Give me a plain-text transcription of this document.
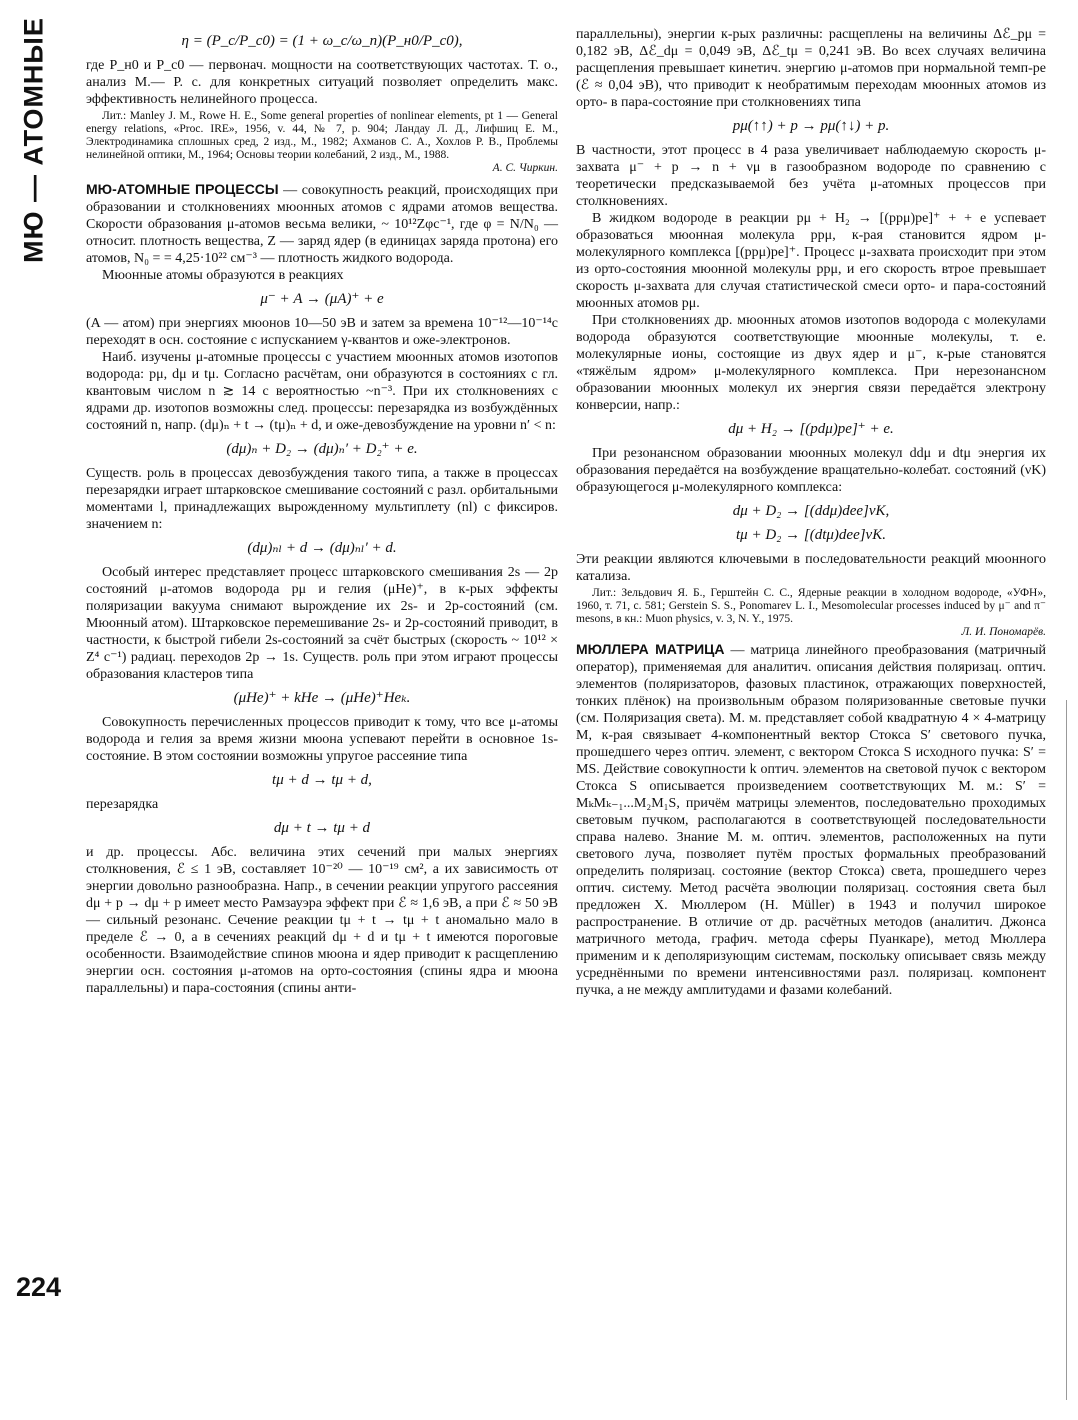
МЮ — АТОМНЫЕ
224
η = (P_c/P_c0) = (1 + ω_c/ω_n)(P_н0/P_c0),

где P_н0 и P_c0 — первонач. мощности на соответствующих частотах. Т. о., анализ М.— Р. с. для конкретных ситуаций позволяет определить макс. эффективность нелинейного процесса.

Лит.: Manley J. M., Rowe H. E., Some general properties of nonlinear elements, pt 1 — General energy relations, «Proc. IRE», 1956, v. 44, № 7, p. 904; Ландау Л. Д., Лифшиц Е. М., Электродинамика сплошных сред, 2 изд., М., 1982; Ахманов С. А., Хохлов Р. В., Проблемы нелинейной оптики, М., 1964; Основы теории колебаний, 2 изд., М., 1988.

А. С. Чиркин.

МЮ-АТОМНЫЕ ПРОЦЕССЫ — совокупность реакций, происходящих при образовании и столкновениях мюонных атомов с ядрами атомов вещества. Скорости образования μ-атомов весьма велики, ~ 10¹²Zφc⁻¹, где φ = N/N₀ — относит. плотность вещества, Z — заряд ядер (в единицах заряда протона) его атомов, N₀ = = 4,25·10²² см⁻³ — плотность жидкого водорода.

Мюонные атомы образуются в реакциях

μ⁻ + A → (μA)⁺ + e

(A — атом) при энергиях мюонов 10—50 эВ и затем за времена 10⁻¹²—10⁻¹⁴с переходят в осн. состояние с испусканием γ-квантов и оже-электронов.

Наиб. изучены μ-атомные процессы с участием мюонных атомов изотопов водорода: pμ, dμ и tμ. Согласно расчётам, они образуются в состояниях с гл. квантовым числом n ≳ 14 с вероятностью ~n⁻³. При их столкновениях с ядрами др. изотопов возможны след. процессы: перезарядка из возбуждённых состояний n, напр. (dμ)ₙ + t → (tμ)ₙ + d, и оже-девозбуждение на уровни n′ < n:

(dμ)ₙ + D₂ → (dμ)ₙ′ + D₂⁺ + e.

Существ. роль в процессах девозбуждения такого типа, а также в процессах перезарядки играет штарковское смешивание состояний с разл. орбитальными моментами l, принадлежащих вырожденному мультиплету (nl) с фиксиров. значением n:

(dμ)ₙₗ + d → (dμ)ₙₗ′ + d.

Особый интерес представляет процесс штарковского смешивания 2s — 2p состояний μ-атомов водорода pμ и гелия (μHe)⁺, в к-рых эффекты поляризации вакуума снимают вырождение их 2s- и 2p-состояний (см. Мюонный атом). Штарковское перемешивание 2s- и 2p-состояний приводит, в частности, к быстрой гибели 2s-состояний за счёт быстрых (скорость ~ 10¹² × Z⁴ с⁻¹) радиац. переходов 2p → 1s. Существ. роль при этом играют процессы образования кластеров типа

(μHe)⁺ + kHe → (μHe)⁺Heₖ.

Совокупность перечисленных процессов приводит к тому, что все μ-атомы водорода и гелия за время жизни мюона успевают перейти в основное 1s-состояние. В этом состоянии возможны упругое рассеяние типа

tμ + d → tμ + d,

перезарядка

dμ + t → tμ + d

и др. процессы. Абс. величина этих сечений при малых энергиях столкновения, ℰ ≤ 1 эВ, составляет 10⁻²⁰ — 10⁻¹⁹ см², а их зависимость от энергии довольно разнообразна. Напр., в сечении реакции упругого рассеяния dμ + p → dμ + p имеет место Рамзауэра эффект при ℰ ≈ 1,6 эВ, а при ℰ ≈ 50 эВ — сильный резонанс. Сечение реакции tμ + t → tμ + t аномально мало в пределе ℰ → 0, а в сечениях реакций dμ + d и tμ + t имеются пороговые особенности. Взаимодействие спинов мюона и ядер приводит к расщеплению энергии осн. состояния μ-атомов на орто-состояния (спины ядра и мюона параллельны) и пара-состояния (спины анти-

параллельны), энергии к-рых различны: расщеплены на величины Δℰ_pμ = 0,182 эВ, Δℰ_dμ = 0,049 эВ, Δℰ_tμ = 0,241 эВ. Во всех случаях величина расщепления превышает кинетич. энергию μ-атомов при нормальной темп-ре (ℰ ≈ 0,04 эВ), что приводит к необратимым переходам мюонных атомов из орто- в пара-состояние при столкновениях типа

pμ(↑↑) + p → pμ(↑↓) + p.

В частности, этот процесс в 4 раза увеличивает наблюдаемую скорость μ-захвата μ⁻ + p → n + νμ в газообразном водороде по сравнению с теоретически предсказываемой без учёта μ-атомных процессов при столкновениях.

В жидком водороде в реакции pμ + H₂ → [(ppμ)pe]⁺ + + e успевает образоваться мюонная молекула ppμ, к-рая становится ядром μ-молекулярного комплекса [(ppμ)pe]⁺. Процесс μ-захвата происходит при этом из орто-состояния мюонной молекулы ppμ, и его скорость втрое превышает скорость μ-захвата для случая статистической смеси орто- и пара-состояний мюонных атомов pμ.

При столкновениях др. мюонных атомов изотопов водорода с молекулами водорода образуются соответствующие мюонные молекулы, т. е. молекулярные ионы, состоящие из двух ядер и μ⁻, к-рые становятся «тяжёлым ядром» μ-молекулярного комплекса. При нерезонансном образовании мюонных молекул их энергия связи передаётся электрону конверсии, напр.:

dμ + H₂ → [(pdμ)pe]⁺ + e.

При резонансном образовании мюонных молекул ddμ и dtμ энергия их образования передаётся на возбуждение вращательно-колебат. состояний (νK) образующегося μ-молекулярного комплекса:

dμ + D₂ → [(ddμ)dee]νK,
tμ + D₂ → [(dtμ)dee]νK.

Эти реакции являются ключевыми в последовательности реакций мюонного катализа.

Лит.: Зельдович Я. Б., Герштейн С. С., Ядерные реакции в холодном водороде, «УФН», 1960, т. 71, с. 581; Gerstein S. S., Ponomarev L. I., Mesomolecular processes induced by μ⁻ and π⁻ mesons, в кн.: Muon physics, v. 3, N. Y., 1975.

Л. И. Пономарёв.

МЮЛЛЕРА МАТРИЦА — матрица линейного преобразования (матричный оператор), применяемая для аналитич. описания действия поляризац. оптич. элементов (поляризаторов, фазовых пластинок, отражающих поверхностей, тонких плёнок) на произвольным образом поляризованные световые пучки (см. Поляризация света). М. м. представляет собой квадратную 4 × 4-матрицу M, к-рая связывает 4-компонентный вектор Стокса S′ светового пучка, прошедшего через оптич. элемент, с вектором Стокса S исходного пучка: S′ = MS. Действие совокупности k оптич. элементов на световой пучок с вектором Стокса S описывается произведением соответствующих М. м.: S′ = MₖMₖ₋₁...M₂M₁S, причём матрицы элементов, последовательно проходимых световым пучком, располагаются в соответствующей последовательности справа налево. Знание М. м. оптич. элементов, расположенных на пути светового луча, позволяет путём простых формальных преобразований определить поляризац. состояние (вектор Стокса) света, прошедшего через оптич. систему. Метод расчёта эволюции поляризац. состояния света был предложен Х. Мюллером (H. Müller) в 1943 и получил широкое распространение. В отличие от др. расчётных методов (аналитич. Джонса матричного метода, графич. метода сферы Пуанкаре), метод Мюллера применим и к деполяризующим системам, поскольку описывает связь между усреднёнными по времени интенсивностями разл. поляризац. компонент пучка, а не между амплитудами и фазами колебаний.
